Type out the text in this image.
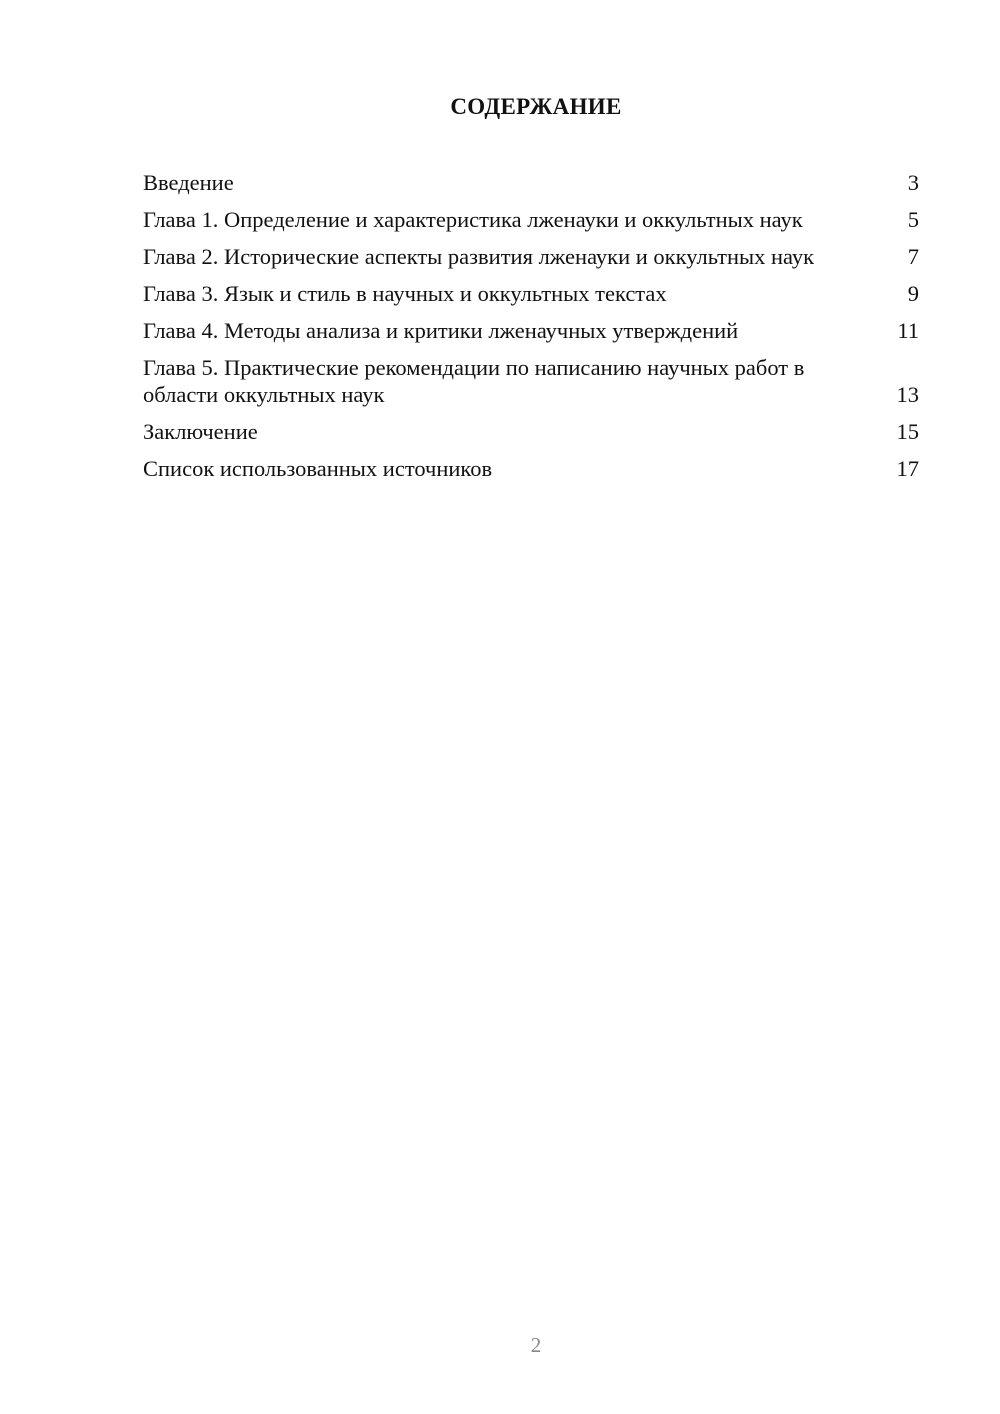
СОДЕРЖАНИЕ
Введение	3
Глава 1. Определение и характеристика лженауки и оккультных наук	5
Глава 2. Исторические аспекты развития лженауки и оккультных наук	7
Глава 3. Язык и стиль в научных и оккультных текстах	9
Глава 4. Методы анализа и критики лженаучных утверждений	11
Глава 5. Практические рекомендации по написанию научных работ в области оккультных наук	13
Заключение	15
Список использованных источников	17
2
